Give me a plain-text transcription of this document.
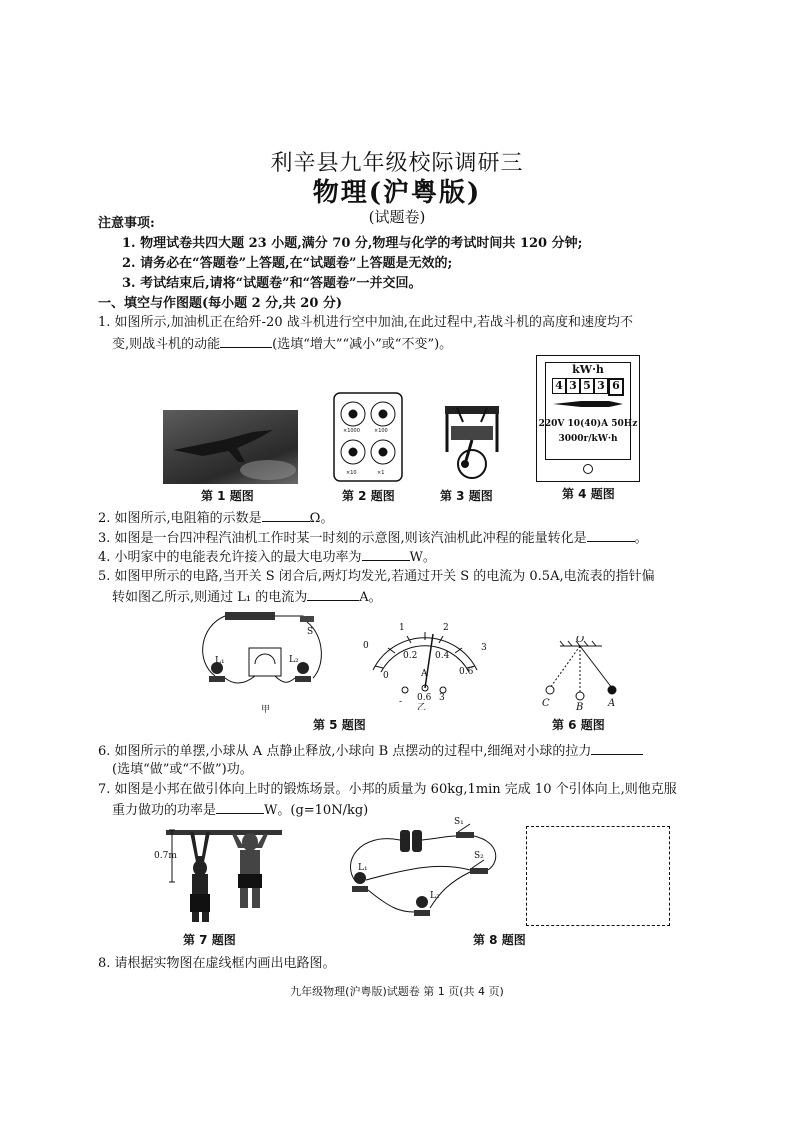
利辛县九年级校际调研三
物理(沪粤版)
(试题卷)
注意事项:
1. 物理试卷共四大题 23 小题,满分 70 分,物理与化学的考试时间共 120 分钟;
2. 请务必在“答题卷”上答题,在“试题卷”上答题是无效的;
3. 考试结束后,请将“试题卷”和“答题卷”一并交回。
一、填空与作图题(每小题 2 分,共 20 分)
1. 如图所示,加油机正在给歼-20 战斗机进行空中加油,在此过程中,若战斗机的高度和速度均不
变,则战斗机的动能	(选填“增大”“减小”或“不变”)。
第 1 题图
×1000	×100
×10	×1
第 2 题图	第 3 题图
kW·h
4 3 5 3 6
220V 10(40)A 50Hz
3000r/kW·h
第 4 题图
2. 如图所示,电阻箱的示数是	Ω。
3. 如图是一台四冲程汽油机工作时某一时刻的示意图,则该汽油机此冲程的能量转化是	。
4. 小明家中的电能表允许接入的最大电功率为	W。
5. 如图甲所示的电路,当开关 S 闭合后,两灯均发光,若通过开关 S 的电流为 0.5A,电流表的指针偏
转如图乙所示,则通过 L₁ 的电流为	A。
S
L₁	L₂
甲
0
1	2
3
0
0.2 0.4
0.6
A
- 0.6 3
乙
O
A
B
C
第 5 题图	第 6 题图
6. 如图所示的单摆,小球从 A 点静止释放,小球向 B 点摆动的过程中,细绳对小球的拉力
(选填“做”或“不做”)功。
7. 如图是小邦在做引体向上时的锻炼场景。小邦的质量为 60kg,1min 完成 10 个引体向上,则他克服
重力做功的功率是	W。(g=10N/kg)
0.7m
第 7 题图
S₁
S₂
L₁
L₂
第 8 题图
8. 请根据实物图在虚线框内画出电路图。
九年级物理(沪粤版)试题卷 第 1 页(共 4 页)
